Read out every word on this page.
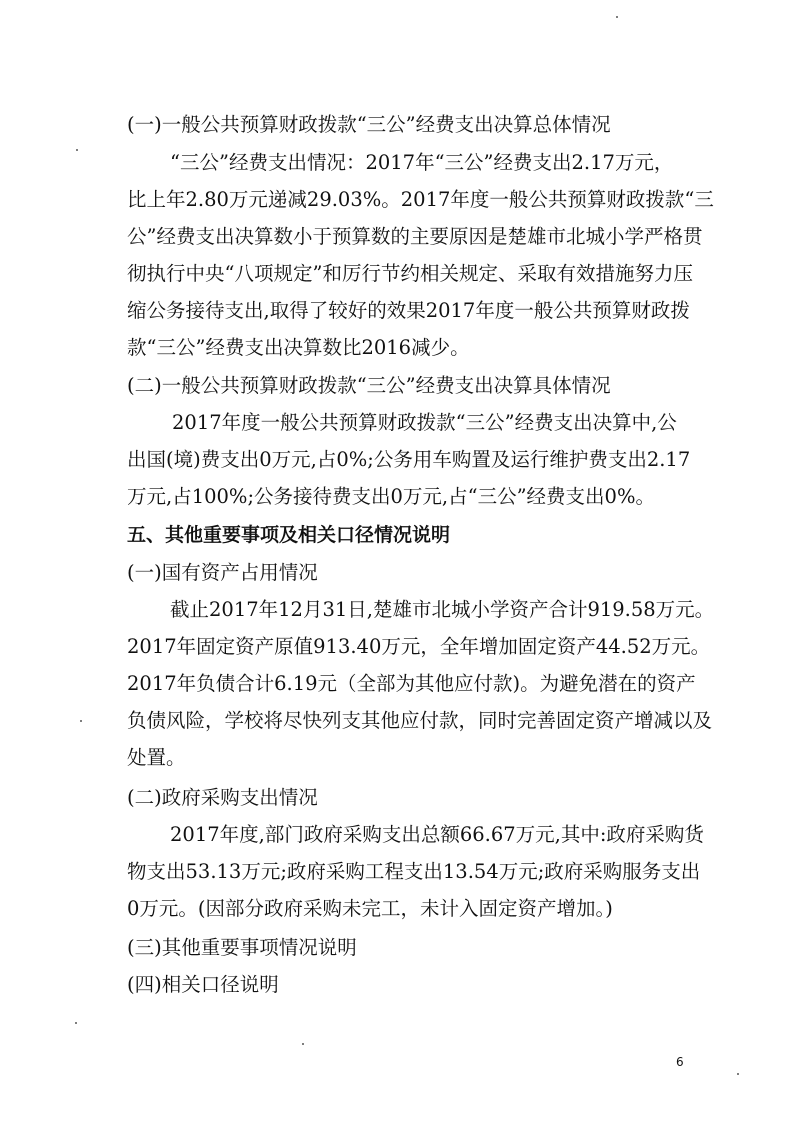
(一)一般公共预算财政拨款“三公”经费支出决算总体情况
“三公”经费支出情况：2017年“三公”经费支出2.17万元，
比上年2.80万元递减29.03%。2017年度一般公共预算财政拨款“三
公”经费支出决算数小于预算数的主要原因是楚雄市北城小学严格贯
彻执行中央“八项规定”和厉行节约相关规定、采取有效措施努力压
缩公务接待支出,取得了较好的效果2017年度一般公共预算财政拨
款“三公”经费支出决算数比2016减少。
(二)一般公共预算财政拨款“三公”经费支出决算具体情况
2017年度一般公共预算财政拨款“三公”经费支出决算中,公
出国(境)费支出0万元,占0%;公务用车购置及运行维护费支出2.17
万元,占100%;公务接待费支出0万元,占“三公”经费支出0%。
五、其他重要事项及相关口径情况说明
(一)国有资产占用情况
截止2017年12月31日,楚雄市北城小学资产合计919.58万元。
2017年固定资产原值913.40万元，全年增加固定资产44.52万元。
2017年负债合计6.19元（全部为其他应付款)。为避免潜在的资产
负债风险，学校将尽快列支其他应付款，同时完善固定资产增减以及
处置。
(二)政府采购支出情况
2017年度,部门政府采购支出总额66.67万元,其中:政府采购货
物支出53.13万元;政府采购工程支出13.54万元;政府采购服务支出
0万元。(因部分政府采购未完工，未计入固定资产增加。)
(三)其他重要事项情况说明
(四)相关口径说明
6
